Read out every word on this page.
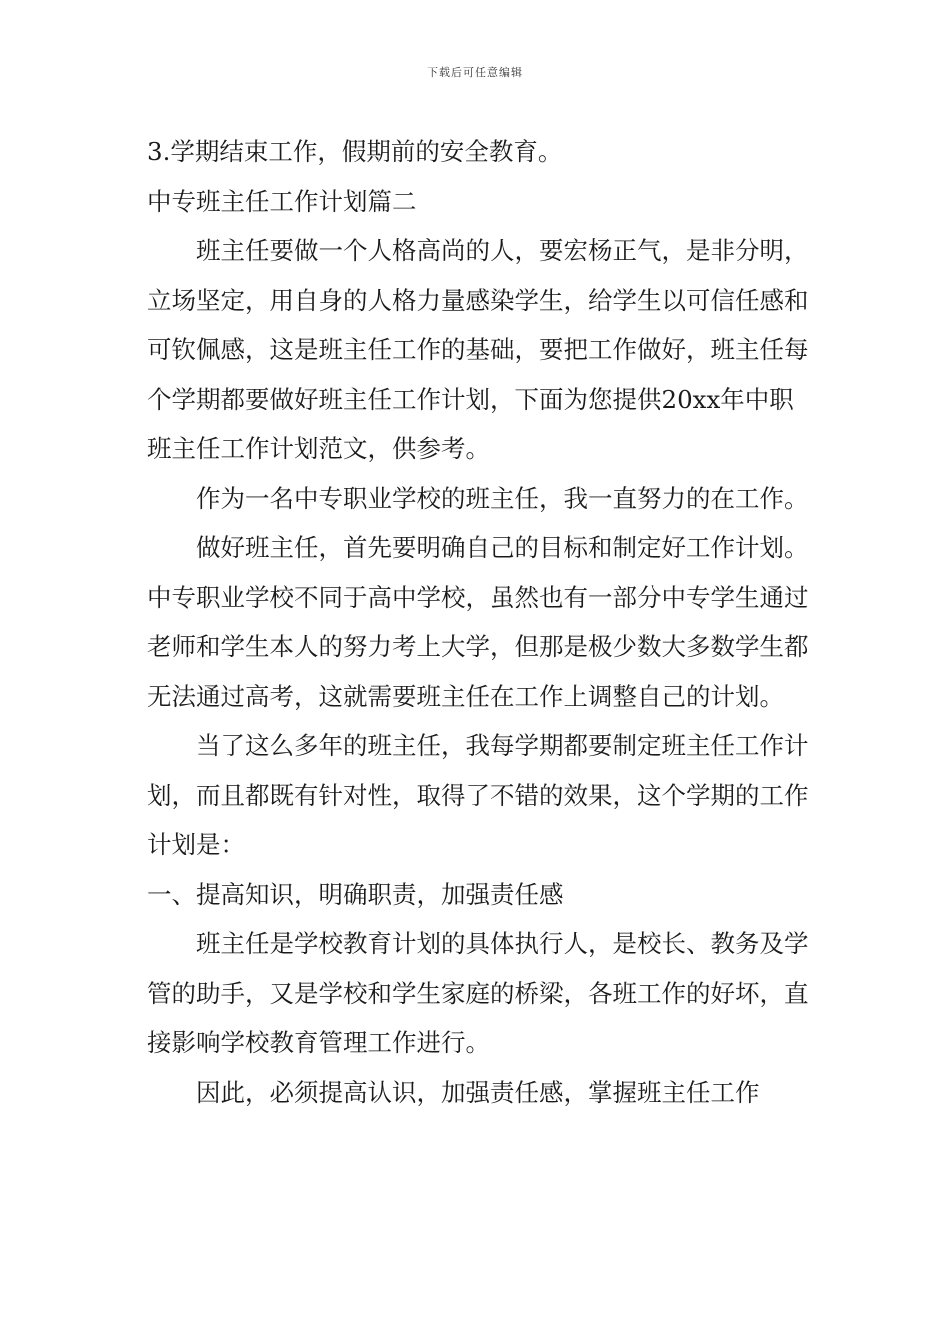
下载后可任意编辑

3.学期结束工作，假期前的安全教育。

中专班主任工作计划篇二

班主任要做一个人格高尚的人，要宏杨正气，是非分明，立场坚定，用自身的人格力量感染学生，给学生以可信任感和可钦佩感，这是班主任工作的基础，要把工作做好，班主任每个学期都要做好班主任工作计划，下面为您提供20xx年中职班主任工作计划范文，供参考。

作为一名中专职业学校的班主任，我一直努力的在工作。

做好班主任，首先要明确自己的目标和制定好工作计划。中专职业学校不同于高中学校，虽然也有一部分中专学生通过老师和学生本人的努力考上大学，但那是极少数大多数学生都无法通过高考，这就需要班主任在工作上调整自己的计划。

当了这么多年的班主任，我每学期都要制定班主任工作计划，而且都既有针对性，取得了不错的效果，这个学期的工作计划是：

一、提高知识，明确职责，加强责任感

班主任是学校教育计划的具体执行人，是校长、教务及学管的助手，又是学校和学生家庭的桥梁，各班工作的好坏，直接影响学校教育管理工作进行。

因此，必须提高认识，加强责任感，掌握班主任工作
